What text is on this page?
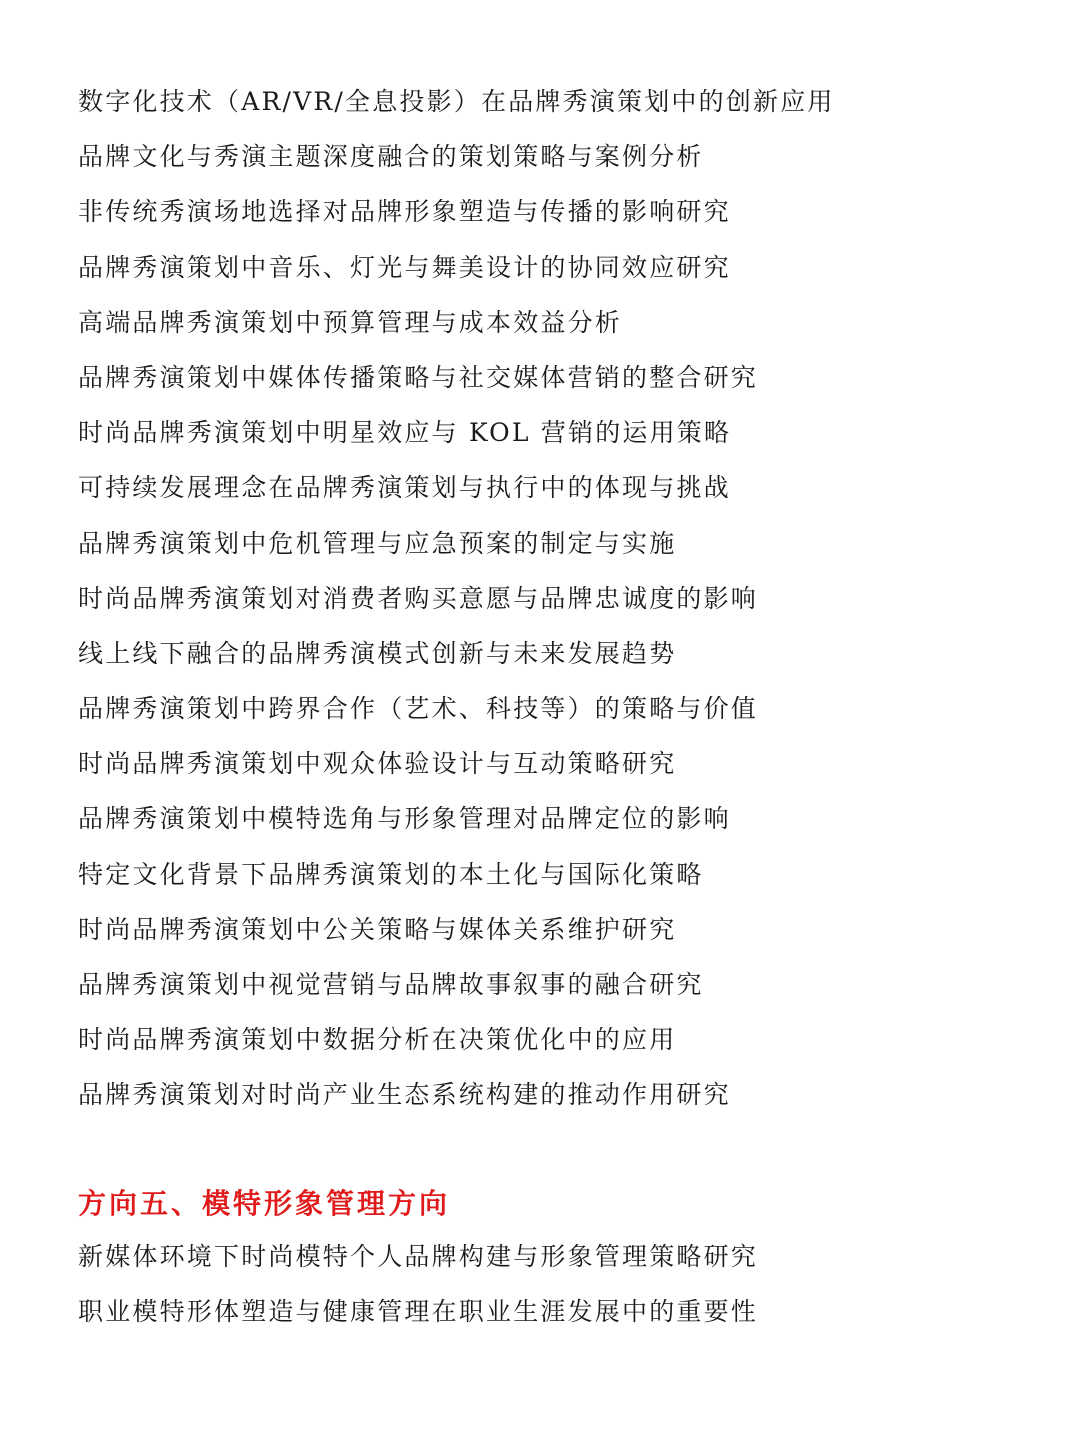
数字化技术（AR/VR/全息投影）在品牌秀演策划中的创新应用
品牌文化与秀演主题深度融合的策划策略与案例分析
非传统秀演场地选择对品牌形象塑造与传播的影响研究
品牌秀演策划中音乐、灯光与舞美设计的协同效应研究
高端品牌秀演策划中预算管理与成本效益分析
品牌秀演策划中媒体传播策略与社交媒体营销的整合研究
时尚品牌秀演策划中明星效应与 KOL 营销的运用策略
可持续发展理念在品牌秀演策划与执行中的体现与挑战
品牌秀演策划中危机管理与应急预案的制定与实施
时尚品牌秀演策划对消费者购买意愿与品牌忠诚度的影响
线上线下融合的品牌秀演模式创新与未来发展趋势
品牌秀演策划中跨界合作（艺术、科技等）的策略与价值
时尚品牌秀演策划中观众体验设计与互动策略研究
品牌秀演策划中模特选角与形象管理对品牌定位的影响
特定文化背景下品牌秀演策划的本土化与国际化策略
时尚品牌秀演策划中公关策略与媒体关系维护研究
品牌秀演策划中视觉营销与品牌故事叙事的融合研究
时尚品牌秀演策划中数据分析在决策优化中的应用
品牌秀演策划对时尚产业生态系统构建的推动作用研究
方向五、模特形象管理方向
新媒体环境下时尚模特个人品牌构建与形象管理策略研究
职业模特形体塑造与健康管理在职业生涯发展中的重要性
